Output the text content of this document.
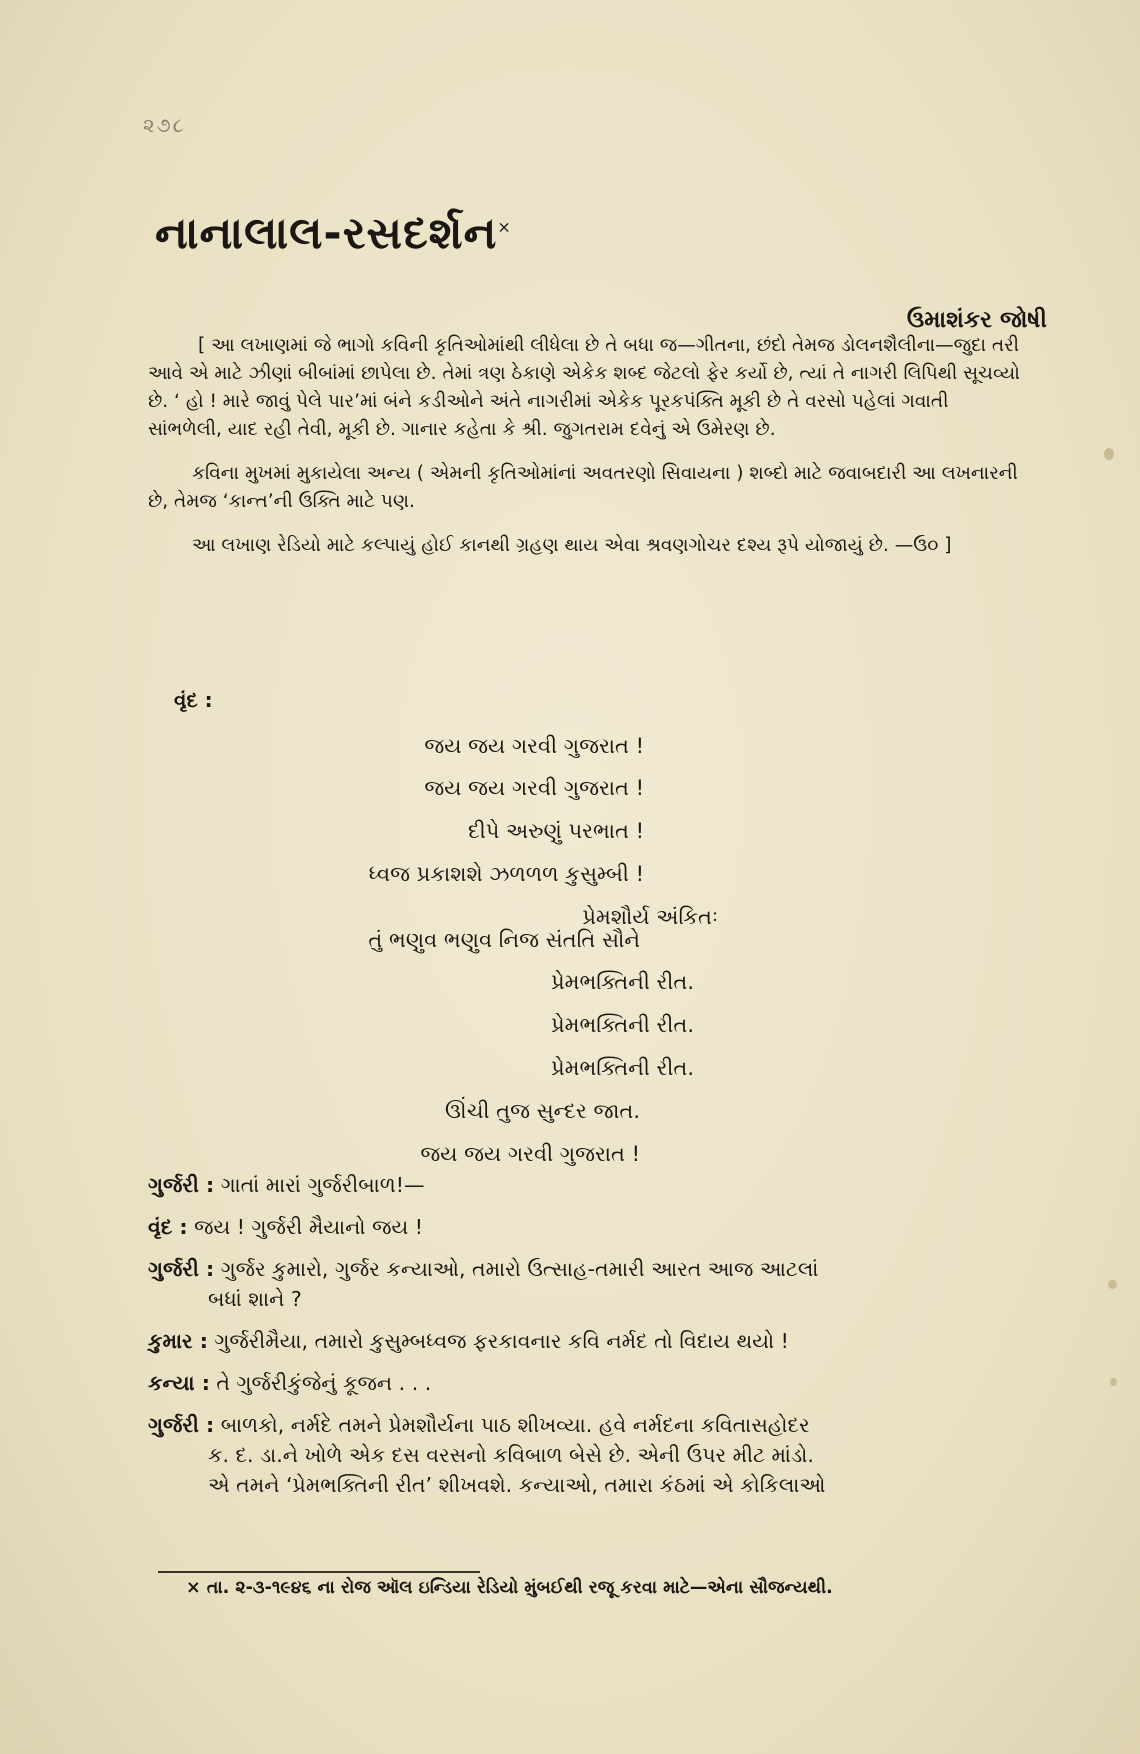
૨૭૮
નાનાલાલ-રસદર્શન×
ઉમાશંકર જોષી

[ આ લખાણમાં જે ભાગો કવિની કૃતિઓમાંથી લીધેલા છે તે બધા જ—ગીતના, છંદો તેમજ ડોલનશૈલીના—જુદા તરી આવે એ માટે ઝીણાં બીબાંમાં છાપેલા છે. તેમાં ત્રણ ઠેકાણે એકેક શબ્દ જેટલો ફેર કર્યો છે, ત્યાં તે નાગરી લિપિથી સૂચવ્યો છે. ‘ હો ! મારે જાવું પેલે પાર’માં બંને કડીઓને અંતે નાગરીમાં એકેક પૂરકપંક્તિ મૂકી છે તે વરસો પહેલાં ગવાતી સાંભળેલી, યાદ રહી તેવી, મૂકી છે. ગાનાર કહેતા કે શ્રી. જુગતરામ દવેનું એ ઉમેરણ છે.

કવિના મુખમાં મુકાયેલા અન્ય ( એમની કૃતિઓમાંનાં અવતરણો સિવાયના ) શબ્દો માટે જવાબદારી આ લખનારની છે, તેમજ ‘કાન્ત’ની ઉક્તિ માટે પણ.

આ લખાણ રેડિયો માટે કલ્પાયું હોઈ કાનથી ગ્રહણ થાય એવા શ્રવણગોચર દશ્ય રૂપે યોજાયું છે. —ઉ૦ ]

વૃંદ :
જય જય ગરવી ગુજરાત !
જય જય ગરવી ગુજરાત !
દીપે અરુણું પરભાત !
ધ્વજ પ્રકાશશે ઝળળળ કુસુમ્બી !
પ્રેમશૌર્ય અંકિતઃ
તું ભણુવ ભણુવ નિજ સંતતિ સૌને
પ્રેમભક્તિની રીત.
પ્રેમભક્તિની રીત.
પ્રેમભક્તિની રીત.
ઊંચી તુજ સુન્દર જાત.
જય જય ગરવી ગુજરાત !
ગુર્જરી : ગાતાં મારાં ગુર્જરીબાળ!—
વૃંદ : જય ! ગુર્જરી મૈયાનો જય !
ગુર્જરી : ગુર્જર કુમારો, ગુર્જર કન્યાઓ, તમારો ઉત્સાહ-તમારી આરત આજ આટલાં
બધાં શાને ?
કુમાર : ગુર્જરીમૈયા, તમારો કુસુમ્બધ્વજ ફરકાવનાર કવિ નર્મદ તો વિદાય થયો !
કન્યા : તે ગુર્જરીકુંજેનું કૂજન . . .
ગુર્જરી : બાળકો, નર્મદે તમને પ્રેમશૌર્યના પાઠ શીખવ્યા. હવે નર્મદના કવિતાસહોદર
ક. દ. ડા.ને ખોળે એક દસ વરસનો કવિબાળ બેસે છે. એની ઉપર મીટ માંડો.
એ તમને ‘પ્રેમભક્તિની રીત’ શીખવશે. કન્યાઓ, તમારા કંઠમાં એ કોકિલાઓ
× તા. ૨-૩-૧૯૪૬ ના રોજ ઑલ ઇન્ડિયા રેડિયો મુંબઈથી રજૂ કરવા માટે—એના સૌજન્યથી.
